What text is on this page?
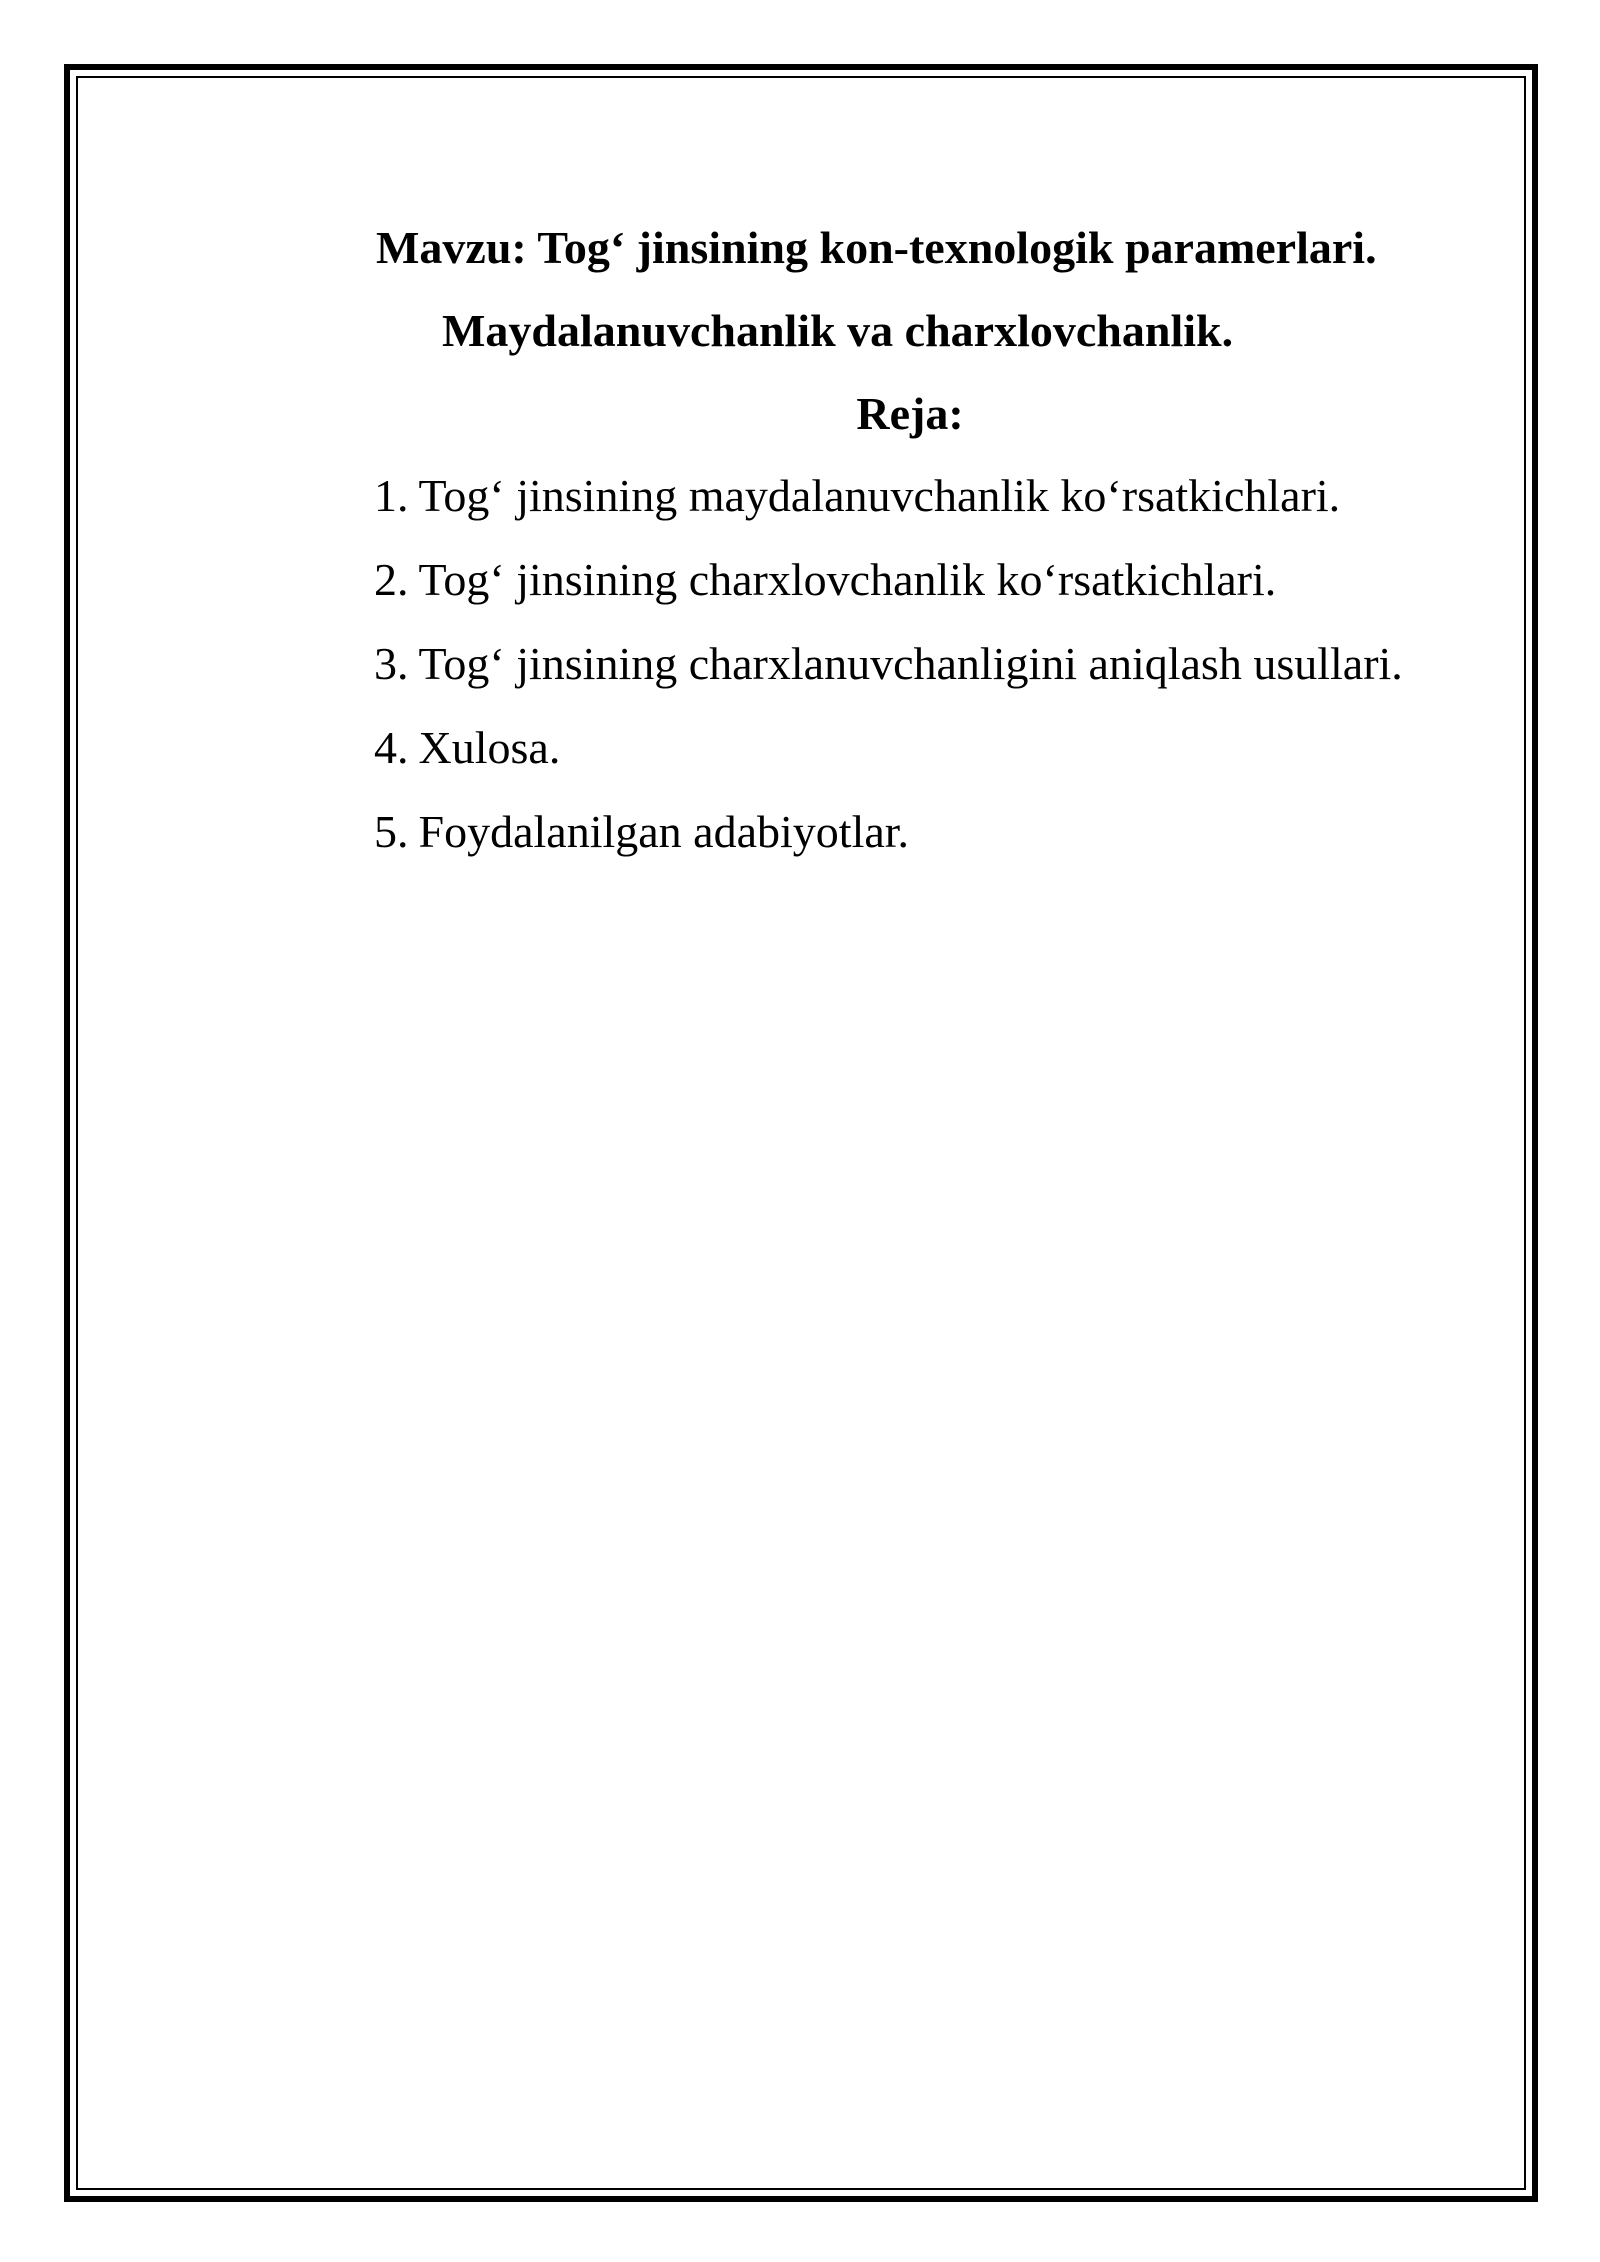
Mavzu: Tog‘ jinsining kon-texnologik paramerlari.
Maydalanuvchanlik va charxlovchanlik.
Reja:
1. Tog‘ jinsining maydalanuvchanlik ko‘rsatkichlari.
2. Tog‘ jinsining charxlovchanlik ko‘rsatkichlari.
3. Tog‘ jinsining charxlanuvchanligini aniqlash usullari.
4. Xulosa.
5. Foydalanilgan adabiyotlar.
